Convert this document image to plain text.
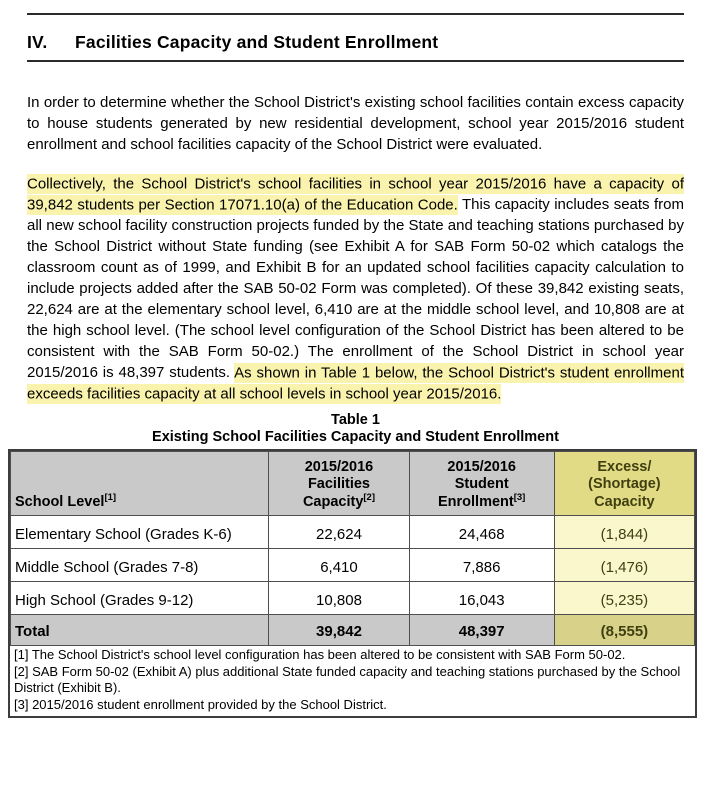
IV.	Facilities Capacity and Student Enrollment

In order to determine whether the School District's existing school facilities contain excess capacity to house students generated by new residential development, school year 2015/2016 student enrollment and school facilities capacity of the School District were evaluated.

Collectively, the School District's school facilities in school year 2015/2016 have a capacity of 39,842 students per Section 17071.10(a) of the Education Code. This capacity includes seats from all new school facility construction projects funded by the State and teaching stations purchased by the School District without State funding (see Exhibit A for SAB Form 50-02 which catalogs the classroom count as of 1999, and Exhibit B for an updated school facilities capacity calculation to include projects added after the SAB 50-02 Form was completed). Of these 39,842 existing seats, 22,624 are at the elementary school level, 6,410 are at the middle school level, and 10,808 are at the high school level. (The school level configuration of the School District has been altered to be consistent with the SAB Form 50-02.) The enrollment of the School District in school year 2015/2016 is 48,397 students. As shown in Table 1 below, the School District's student enrollment exceeds facilities capacity at all school levels in school year 2015/2016.

Table 1
Existing School Facilities Capacity and Student Enrollment
School Level[1]	
2015/2016
Facilities
Capacity[2]

2015/2016
Student
Enrollment[3]

Excess/
(Shortage)
Capacity

Elementary School (Grades K-6)	22,624	24,468	(1,844)
Middle School (Grades 7-8)	6,410	7,886	(1,476)
High School (Grades 9-12)	10,808	16,043	(5,235)
Total	39,842	48,397	(8,555)
[1] The School District's school level configuration has been altered to be consistent with SAB Form 50-02.
[2] SAB Form 50-02 (Exhibit A) plus additional State funded capacity and teaching stations purchased by the School District (Exhibit B).
[3] 2015/2016 student enrollment provided by the School District.
